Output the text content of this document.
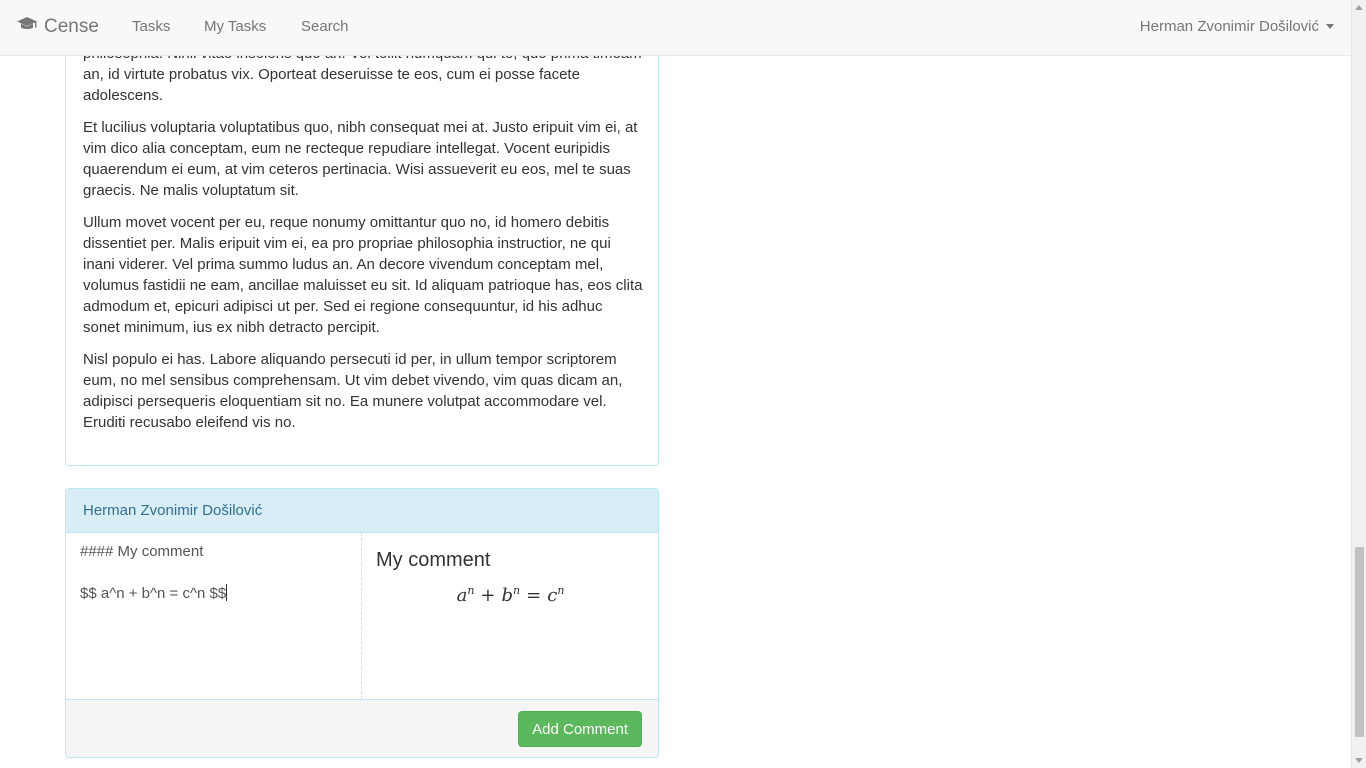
Cense Tasks My Tasks Search	Herman Zvonimir Došilović

an, id virtute probatus vix. Oporteat deseruisse te eos, cum ei posse facete adolescens.

Et lucilius voluptaria voluptatibus quo, nibh consequat mei at. Justo eripuit vim ei, at vim dico alia conceptam, eum ne recteque repudiare intellegat. Vocent euripidis quaerendum ei eum, at vim ceteros pertinacia. Wisi assueverit eu eos, mel te suas graecis. Ne malis voluptatum sit.

Ullum movet vocent per eu, reque nonumy omittantur quo no, id homero debitis dissentiet per. Malis eripuit vim ei, ea pro propriae philosophia instructior, ne qui inani viderer. Vel prima summo ludus an. An decore vivendum conceptam mel, volumus fastidii ne eam, ancillae maluisset eu sit. Id aliquam patrioque has, eos clita admodum et, epicuri adipisci ut per. Sed ei regione consequuntur, id his adhuc sonet minimum, ius ex nibh detracto percipit.

Nisl populo ei has. Labore aliquando persecuti id per, in ullum tempor scriptorem eum, no mel sensibus comprehensam. Ut vim debet vivendo, vim quas dicam an, adipisci persequeris eloquentiam sit no. Ea munere volutpat accommodare vel. Eruditi recusabo eleifend vis no.

Herman Zvonimir Došilović
#### My comment

$$ a^n + b^n = c^n $$
My comment
$a^n + b^n = c^n$
Add Comment
